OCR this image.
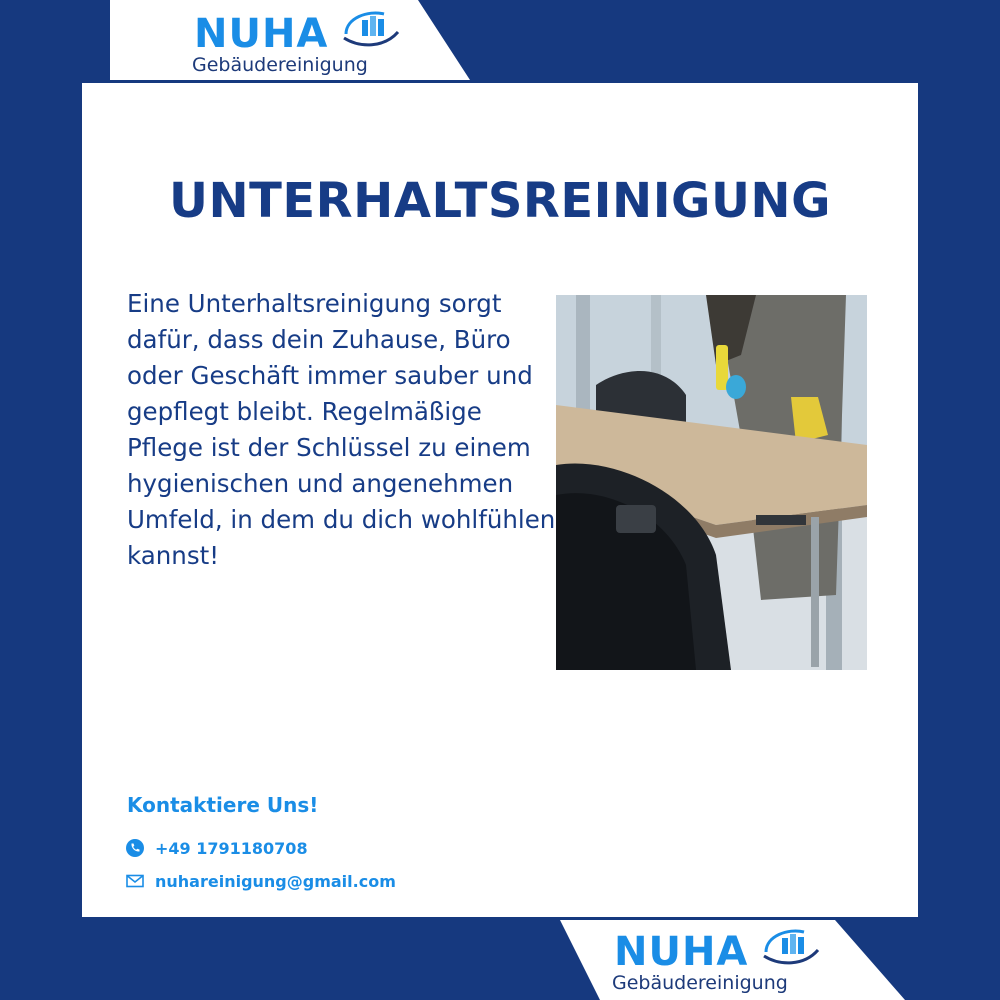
NUHA
Gebäudereinigung
UNTERHALTSREINIGUNG

Eine Unterhaltsreinigung sorgt dafür, dass dein Zuhause, Büro oder Geschäft immer sauber und gepflegt bleibt. Regelmäßige Pflege ist der Schlüssel zu einem hygienischen und angenehmen Umfeld, in dem du dich wohlfühlen kannst!

Kontaktiere Uns!
+49 1791180708
nuhareinigung@gmail.com
NUHA
Gebäudereinigung
